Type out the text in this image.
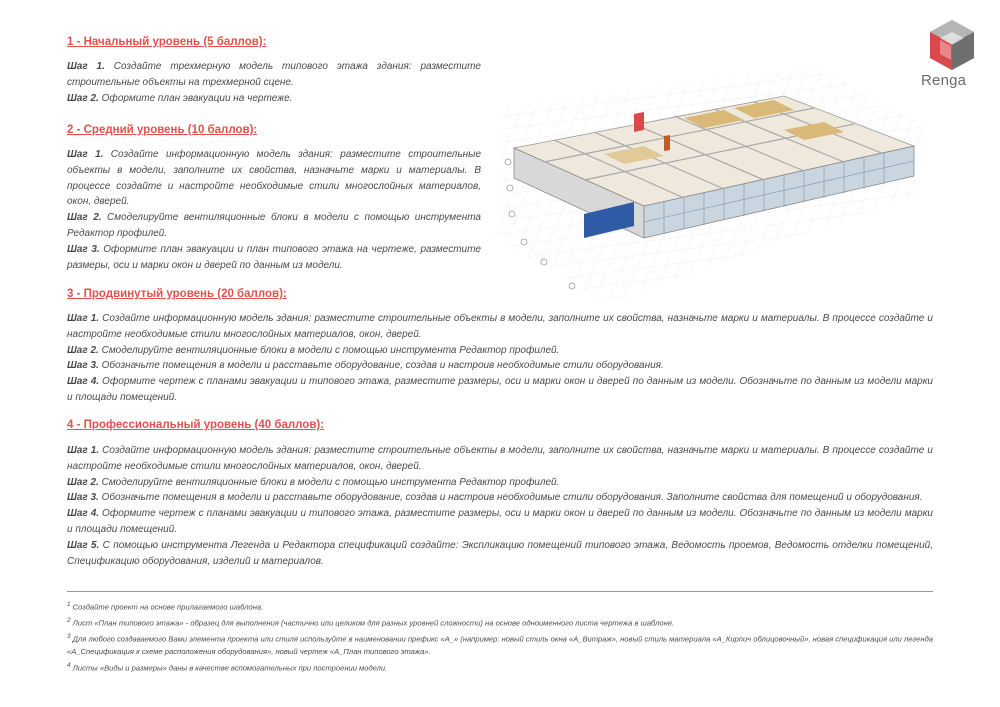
Renga
1 - Начальный уровень (5 баллов):

Шаг 1. Создайте трехмерную модель типового этажа здания: разместите строительные объекты на трехмерной сцене.

Шаг 2. Оформите план эвакуации на чертеже.

2 - Средний уровень (10 баллов):

Шаг 1. Создайте информационную модель здания: разместите строительные объекты в модели, заполните их свойства, назначьте марки и материалы. В процессе создайте и настройте необходимые стили многослойных материалов, окон, дверей.

Шаг 2. Смоделируйте вентиляционные блоки в модели с помощью инструмента Редактор профилей.

Шаг 3. Оформите план эвакуации и план типового этажа на чертеже, разместите размеры, оси и марки окон и дверей по данным из модели.

3 - Продвинутый уровень (20 баллов):

Шаг 1. Создайте информационную модель здания: разместите строительные объекты в модели, заполните их свойства, назначьте марки и материалы. В процессе создайте и настройте необходимые стили многослойных материалов, окон, дверей.

Шаг 2. Смоделируйте вентиляционные блоки в модели с помощью инструмента Редактор профилей.

Шаг 3. Обозначьте помещения в модели и расставьте оборудование, создав и настроив необходимые стили оборудования.

Шаг 4. Оформите чертеж с планами эвакуации и типового этажа, разместите размеры, оси и марки окон и дверей по данным из модели. Обозначьте по данным из модели марки и площади помещений.

4 - Профессиональный уровень (40 баллов):

Шаг 1. Создайте информационную модель здания: разместите строительные объекты в модели, заполните их свойства, назначьте марки и материалы. В процессе создайте и настройте необходимые стили многослойных материалов, окон, дверей.

Шаг 2. Смоделируйте вентиляционные блоки в модели с помощью инструмента Редактор профилей.

Шаг 3. Обозначьте помещения в модели и расставьте оборудование, создав и настроив необходимые стили оборудования. Заполните свойства для помещений и оборудования.

Шаг 4. Оформите чертеж с планами эвакуации и типового этажа, разместите размеры, оси и марки окон и дверей по данным из модели. Обозначьте по данным из модели марки и площади помещений.

Шаг 5. С помощью инструмента Легенда и Редактора спецификаций создайте: Экспликацию помещений типового этажа, Ведомость проемов, Ведомость отделки помещений, Спецификацию оборудования, изделий и материалов.

$^1$ Создайте проект на основе прилагаемого шаблона.

$^2$ Лист «План типового этажа» - образец для выполнения (частично или целиком для разных уровней сложности) на основе одноименного листа чертежа в шаблоне.

$^3$ Для любого создаваемого Вами элемента проекта или стиля используйте в наименовании префикс «А_» (например: новый стиль окна «А_Витраж», новый стиль материала «А_Кирпич облицовочный», новая спецификация или легенда «А_Спецификация к схеме расположения оборудования», новый чертеж «А_План типового этажа».

$^4$ Листы «Виды и размеры» даны в качестве вспомогательных при построении модели.
